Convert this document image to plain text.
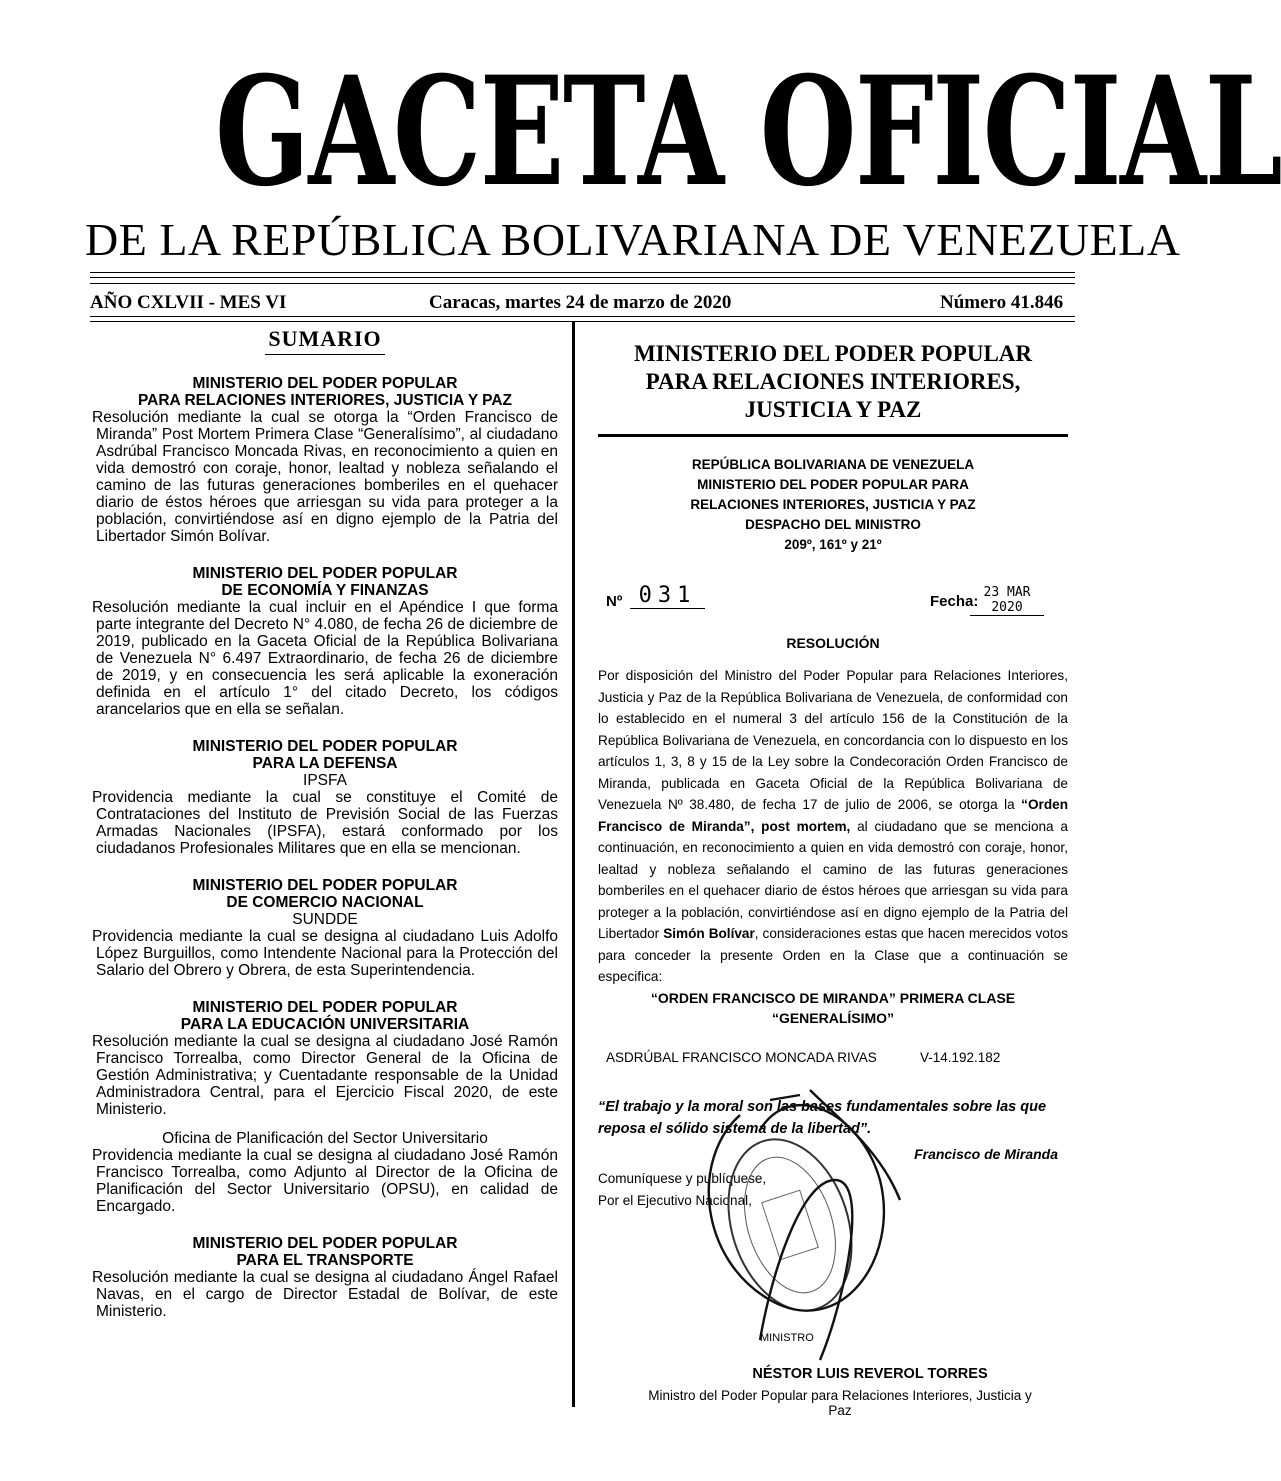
GACETA OFICIAL
DE LA REPÚBLICA BOLIVARIANA DE VENEZUELA
AÑO CXLVII - MES VI	Caracas, martes 24 de marzo de 2020	Número 41.846
SUMARIO
MINISTERIO DEL PODER POPULAR
PARA RELACIONES INTERIORES, JUSTICIA Y PAZ

Resolución mediante la cual se otorga la “Orden Francisco de Miranda” Post Mortem Primera Clase “Generalísimo”, al ciudadano Asdrúbal Francisco Moncada Rivas, en reconocimiento a quien en vida demostró con coraje, honor, lealtad y nobleza señalando el camino de las futuras generaciones bomberiles en el quehacer diario de éstos héroes que arriesgan su vida para proteger a la población, convirtiéndose así en digno ejemplo de la Patria del Libertador Simón Bolívar.

MINISTERIO DEL PODER POPULAR
DE ECONOMÍA Y FINANZAS

Resolución mediante la cual incluir en el Apéndice I que forma parte integrante del Decreto N° 4.080, de fecha 26 de diciembre de 2019, publicado en la Gaceta Oficial de la República Bolivariana de Venezuela N° 6.497 Extraordinario, de fecha 26 de diciembre de 2019, y en consecuencia les será aplicable la exoneración definida en el artículo 1° del citado Decreto, los códigos arancelarios que en ella se señalan.

MINISTERIO DEL PODER POPULAR
PARA LA DEFENSA
IPSFA

Providencia mediante la cual se constituye el Comité de Contrataciones del Instituto de Previsión Social de las Fuerzas Armadas Nacionales (IPSFA), estará conformado por los ciudadanos Profesionales Militares que en ella se mencionan.

MINISTERIO DEL PODER POPULAR
DE COMERCIO NACIONAL
SUNDDE

Providencia mediante la cual se designa al ciudadano Luis Adolfo López Burguillos, como Intendente Nacional para la Protección del Salario del Obrero y Obrera, de esta Superintendencia.

MINISTERIO DEL PODER POPULAR
PARA LA EDUCACIÓN UNIVERSITARIA

Resolución mediante la cual se designa al ciudadano José Ramón Francisco Torrealba, como Director General de la Oficina de Gestión Administrativa; y Cuentadante responsable de la Unidad Administradora Central, para el Ejercicio Fiscal 2020, de este Ministerio.

Oficina de Planificación del Sector Universitario

Providencia mediante la cual se designa al ciudadano José Ramón Francisco Torrealba, como Adjunto al Director de la Oficina de Planificación del Sector Universitario (OPSU), en calidad de Encargado.

MINISTERIO DEL PODER POPULAR
PARA EL TRANSPORTE

Resolución mediante la cual se designa al ciudadano Ángel Rafael Navas, en el cargo de Director Estadal de Bolívar, de este Ministerio.

MINISTERIO DEL PODER POPULAR
PARA RELACIONES INTERIORES,
JUSTICIA Y PAZ
REPÚBLICA BOLIVARIANA DE VENEZUELA
MINISTERIO DEL PODER POPULAR PARA
RELACIONES INTERIORES, JUSTICIA Y PAZ
DESPACHO DEL MINISTRO
209º, 161º y 21º
Nº 031	Fecha:
23 MAR 2020
RESOLUCIÓN
Por disposición del Ministro del Poder Popular para Relaciones Interiores, Justicia y Paz de la República Bolivariana de Venezuela, de conformidad con lo establecido en el numeral 3 del artículo 156 de la Constitución de la República Bolivariana de Venezuela, en concordancia con lo dispuesto en los artículos 1, 3, 8 y 15 de la Ley sobre la Condecoración Orden Francisco de Miranda, publicada en Gaceta Oficial de la República Bolivariana de Venezuela Nº 38.480, de fecha 17 de julio de 2006, se otorga la “Orden Francisco de Miranda”, post mortem, al ciudadano que se menciona a continuación, en reconocimiento a quien en vida demostró con coraje, honor, lealtad y nobleza señalando el camino de las futuras generaciones bomberiles en el quehacer diario de éstos héroes que arriesgan su vida para proteger a la población, convirtiéndose así en digno ejemplo de la Patria del Libertador Simón Bolívar, consideraciones estas que hacen merecidos votos para conceder la presente Orden en la Clase que a continuación se especifica:
“ORDEN FRANCISCO DE MIRANDA” PRIMERA CLASE “GENERALÍSIMO”
ASDRÚBAL FRANCISCO MONCADA RIVAS	V-14.192.182
“El trabajo y la moral son las bases fundamentales sobre las que reposa el sólido sistema de la libertad”.
Francisco de Miranda
Comuníquese y publíquese,
Por el Ejecutivo Nacional,
MINISTRO
NÉSTOR LUIS REVEROL TORRES
Ministro del Poder Popular para Relaciones Interiores, Justicia y Paz
